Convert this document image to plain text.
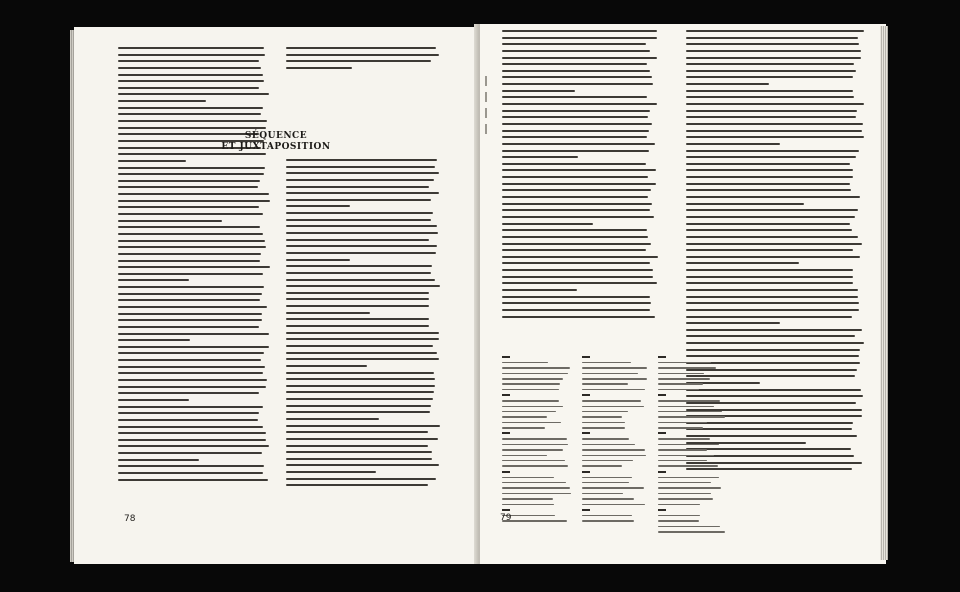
SÉQUENCE
ET JUXTAPOSITION
78	79
